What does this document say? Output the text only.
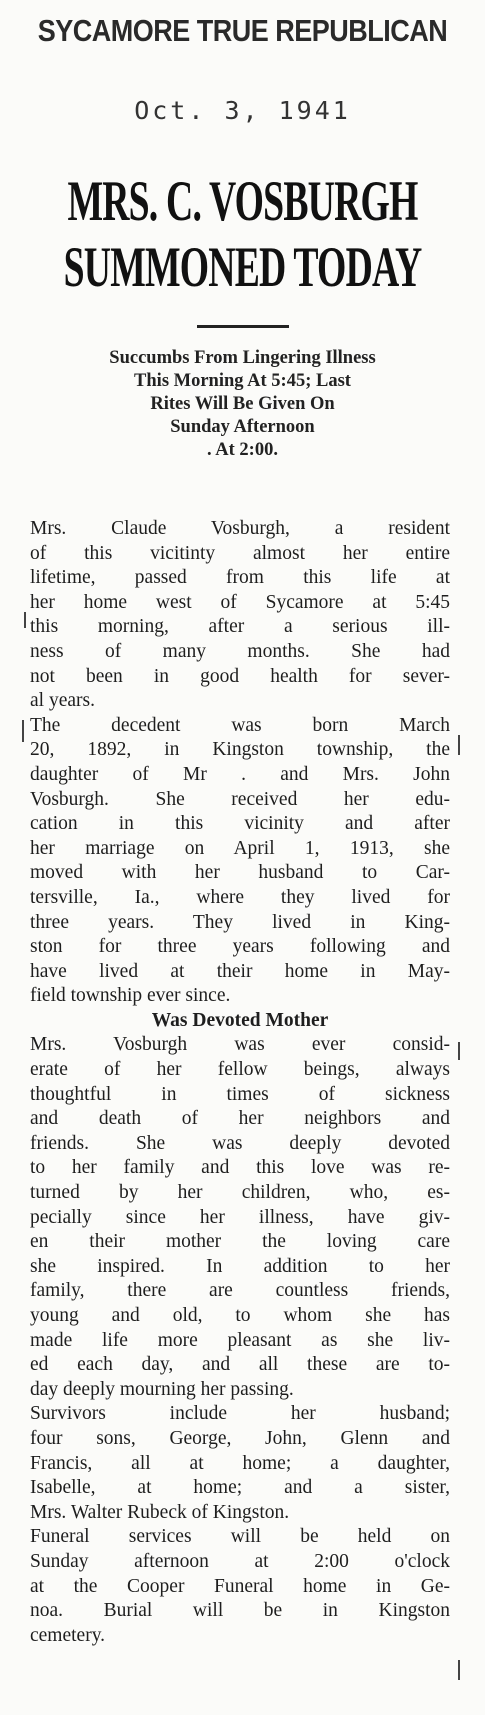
SYCAMORE TRUE REPUBLICAN
Oct. 3, 1941
MRS. C. VOSBURGH
SUMMONED TODAY
Succumbs From Lingering Illness
This Morning At 5:45; Last
Rites Will Be Given On
Sunday Afternoon
. At 2:00.
Mrs. Claude Vosburgh, a resident
of this vicitinty almost her entire
lifetime, passed from this life at
her home west of Sycamore at 5:45
this morning, after a serious ill-
ness of many months. She had
not been in good health for sever-
al years.
The decedent was born March
20, 1892, in Kingston township, the
daughter of Mr . and Mrs. John
Vosburgh. She received her edu-
cation in this vicinity and after
her marriage on April 1, 1913, she
moved with her husband to Car-
tersville, Ia., where they lived for
three years. They lived in King-
ston for three years following and
have lived at their home in May-
field township ever since.
Was Devoted Mother
Mrs. Vosburgh was ever consid-
erate of her fellow beings, always
thoughtful in times of sickness
and death of her neighbors and
friends. She was deeply devoted
to her family and this love was re-
turned by her children, who, es-
pecially since her illness, have giv-
en their mother the loving care
she inspired. In addition to her
family, there are countless friends,
young and old, to whom she has
made life more pleasant as she liv-
ed each day, and all these are to-
day deeply mourning her passing.
Survivors include her husband;
four sons, George, John, Glenn and
Francis, all at home; a daughter,
Isabelle, at home; and a sister,
Mrs. Walter Rubeck of Kingston.
Funeral services will be held on
Sunday afternoon at 2:00 o'clock
at the Cooper Funeral home in Ge-
noa. Burial will be in Kingston
cemetery.
